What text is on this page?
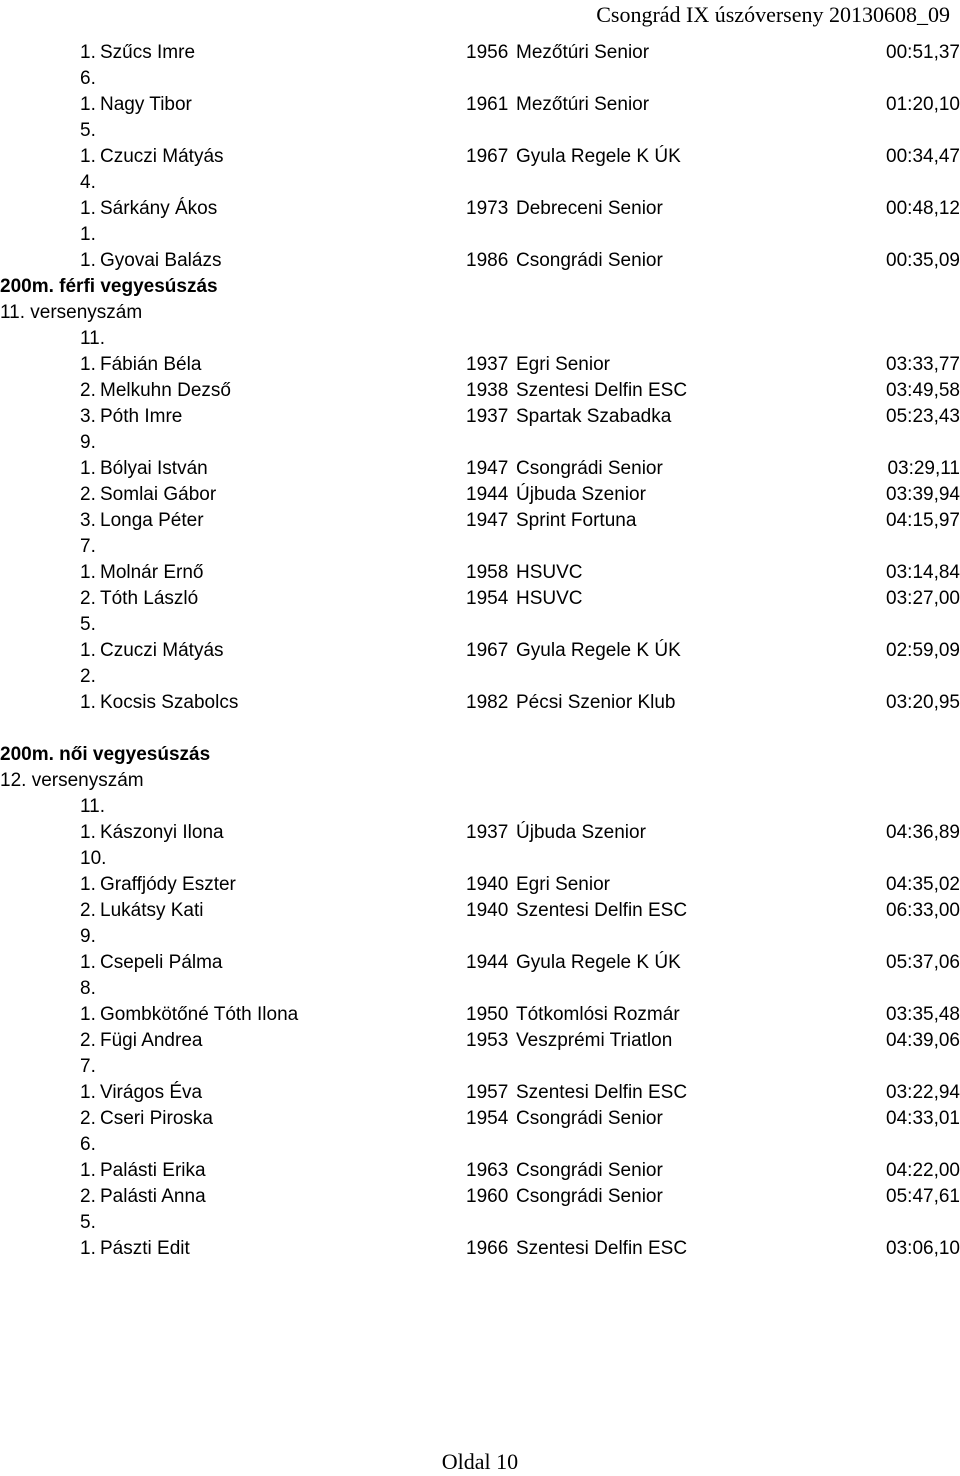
Csongrád IX úszóverseny 20130608_09
1. Szűcs Imre	1956 Mezőtúri Senior	00:51,37
6.
1. Nagy Tibor	1961 Mezőtúri Senior	01:20,10
5.
1. Czuczi Mátyás	1967 Gyula Regele K ÚK	00:34,47
4.
1. Sárkány Ákos	1973 Debreceni Senior	00:48,12
1.
1. Gyovai Balázs	1986 Csongrádi Senior	00:35,09
200m. férfi vegyesúszás
11. versenyszám
11.
1. Fábián Béla	1937 Egri Senior	03:33,77
2. Melkuhn Dezső	1938 Szentesi Delfin ESC	03:49,58
3. Póth Imre	1937 Spartak Szabadka	05:23,43
9.
1. Bólyai István	1947 Csongrádi Senior	03:29,11
2. Somlai Gábor	1944 Újbuda Szenior	03:39,94
3. Longa Péter	1947 Sprint Fortuna	04:15,97
7.
1. Molnár Ernő	1958 HSUVC	03:14,84
2. Tóth László	1954 HSUVC	03:27,00
5.
1. Czuczi Mátyás	1967 Gyula Regele K ÚK	02:59,09
2.
1. Kocsis Szabolcs	1982 Pécsi Szenior Klub	03:20,95
200m. női vegyesúszás
12. versenyszám
11.
1. Kászonyi Ilona	1937 Újbuda Szenior	04:36,89
10.
1. Graffjódy Eszter	1940 Egri Senior	04:35,02
2. Lukátsy Kati	1940 Szentesi Delfin ESC	06:33,00
9.
1. Csepeli Pálma	1944 Gyula Regele K ÚK	05:37,06
8.
1. Gombkötőné Tóth Ilona	1950 Tótkomlósi Rozmár	03:35,48
2. Fügi Andrea	1953 Veszprémi Triatlon	04:39,06
7.
1. Virágos Éva	1957 Szentesi Delfin ESC	03:22,94
2. Cseri Piroska	1954 Csongrádi Senior	04:33,01
6.
1. Palásti Erika	1963 Csongrádi Senior	04:22,00
2. Palásti Anna	1960 Csongrádi Senior	05:47,61
5.
1. Pászti Edit	1966 Szentesi Delfin ESC	03:06,10
Oldal 10
